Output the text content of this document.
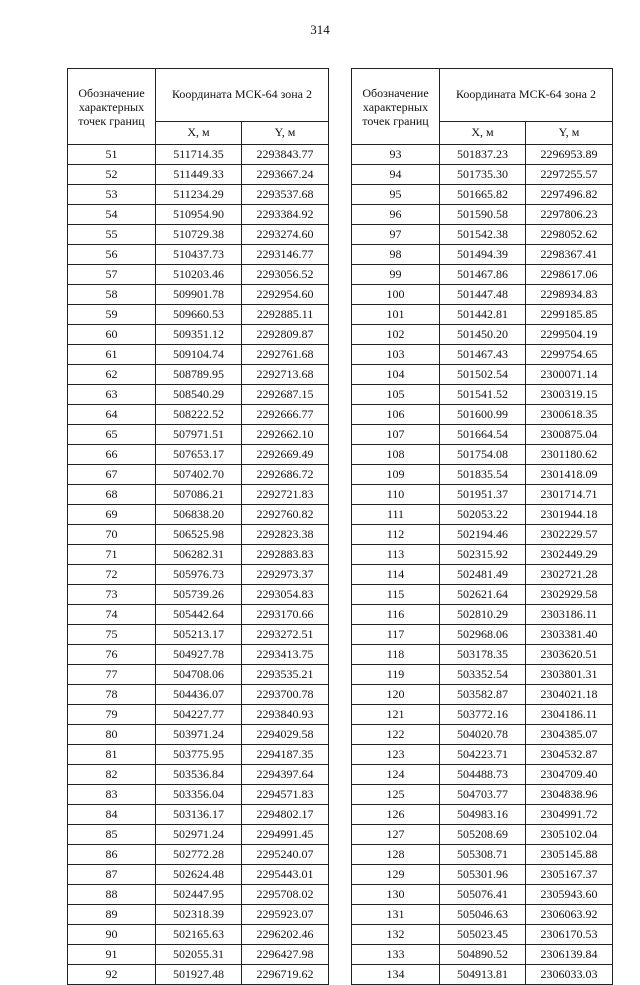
314
Обозначение характерных точек границ	Координата МСК-64 зона 2	
	X, м	Y, м
51	511714.35	2293843.77
52	511449.33	2293667.24
53	511234.29	2293537.68
54	510954.90	2293384.92
55	510729.38	2293274.60
56	510437.73	2293146.77
57	510203.46	2293056.52
58	509901.78	2292954.60
59	509660.53	2292885.11
60	509351.12	2292809.87
61	509104.74	2292761.68
62	508789.95	2292713.68
63	508540.29	2292687.15
64	508222.52	2292666.77
65	507971.51	2292662.10
66	507653.17	2292669.49
67	507402.70	2292686.72
68	507086.21	2292721.83
69	506838.20	2292760.82
70	506525.98	2292823.38
71	506282.31	2292883.83
72	505976.73	2292973.37
73	505739.26	2293054.83
74	505442.64	2293170.66
75	505213.17	2293272.51
76	504927.78	2293413.75
77	504708.06	2293535.21
78	504436.07	2293700.78
79	504227.77	2293840.93
80	503971.24	2294029.58
81	503775.95	2294187.35
82	503536.84	2294397.64
83	503356.04	2294571.83
84	503136.17	2294802.17
85	502971.24	2294991.45
86	502772.28	2295240.07
87	502624.48	2295443.01
88	502447.95	2295708.02
89	502318.39	2295923.07
90	502165.63	2296202.46
91	502055.31	2296427.98
92	501927.48	2296719.62
Обозначение характерных точек границ	Координата МСК-64 зона 2	
	X, м	Y, м
93	501837.23	2296953.89
94	501735.30	2297255.57
95	501665.82	2297496.82
96	501590.58	2297806.23
97	501542.38	2298052.62
98	501494.39	2298367.41
99	501467.86	2298617.06
100	501447.48	2298934.83
101	501442.81	2299185.85
102	501450.20	2299504.19
103	501467.43	2299754.65
104	501502.54	2300071.14
105	501541.52	2300319.15
106	501600.99	2300618.35
107	501664.54	2300875.04
108	501754.08	2301180.62
109	501835.54	2301418.09
110	501951.37	2301714.71
111	502053.22	2301944.18
112	502194.46	2302229.57
113	502315.92	2302449.29
114	502481.49	2302721.28
115	502621.64	2302929.58
116	502810.29	2303186.11
117	502968.06	2303381.40
118	503178.35	2303620.51
119	503352.54	2303801.31
120	503582.87	2304021.18
121	503772.16	2304186.11
122	504020.78	2304385.07
123	504223.71	2304532.87
124	504488.73	2304709.40
125	504703.77	2304838.96
126	504983.16	2304991.72
127	505208.69	2305102.04
128	505308.71	2305145.88
129	505301.96	2305167.37
130	505076.41	2305943.60
131	505046.63	2306063.92
132	505023.45	2306170.53
133	504890.52	2306139.84
134	504913.81	2306033.03
